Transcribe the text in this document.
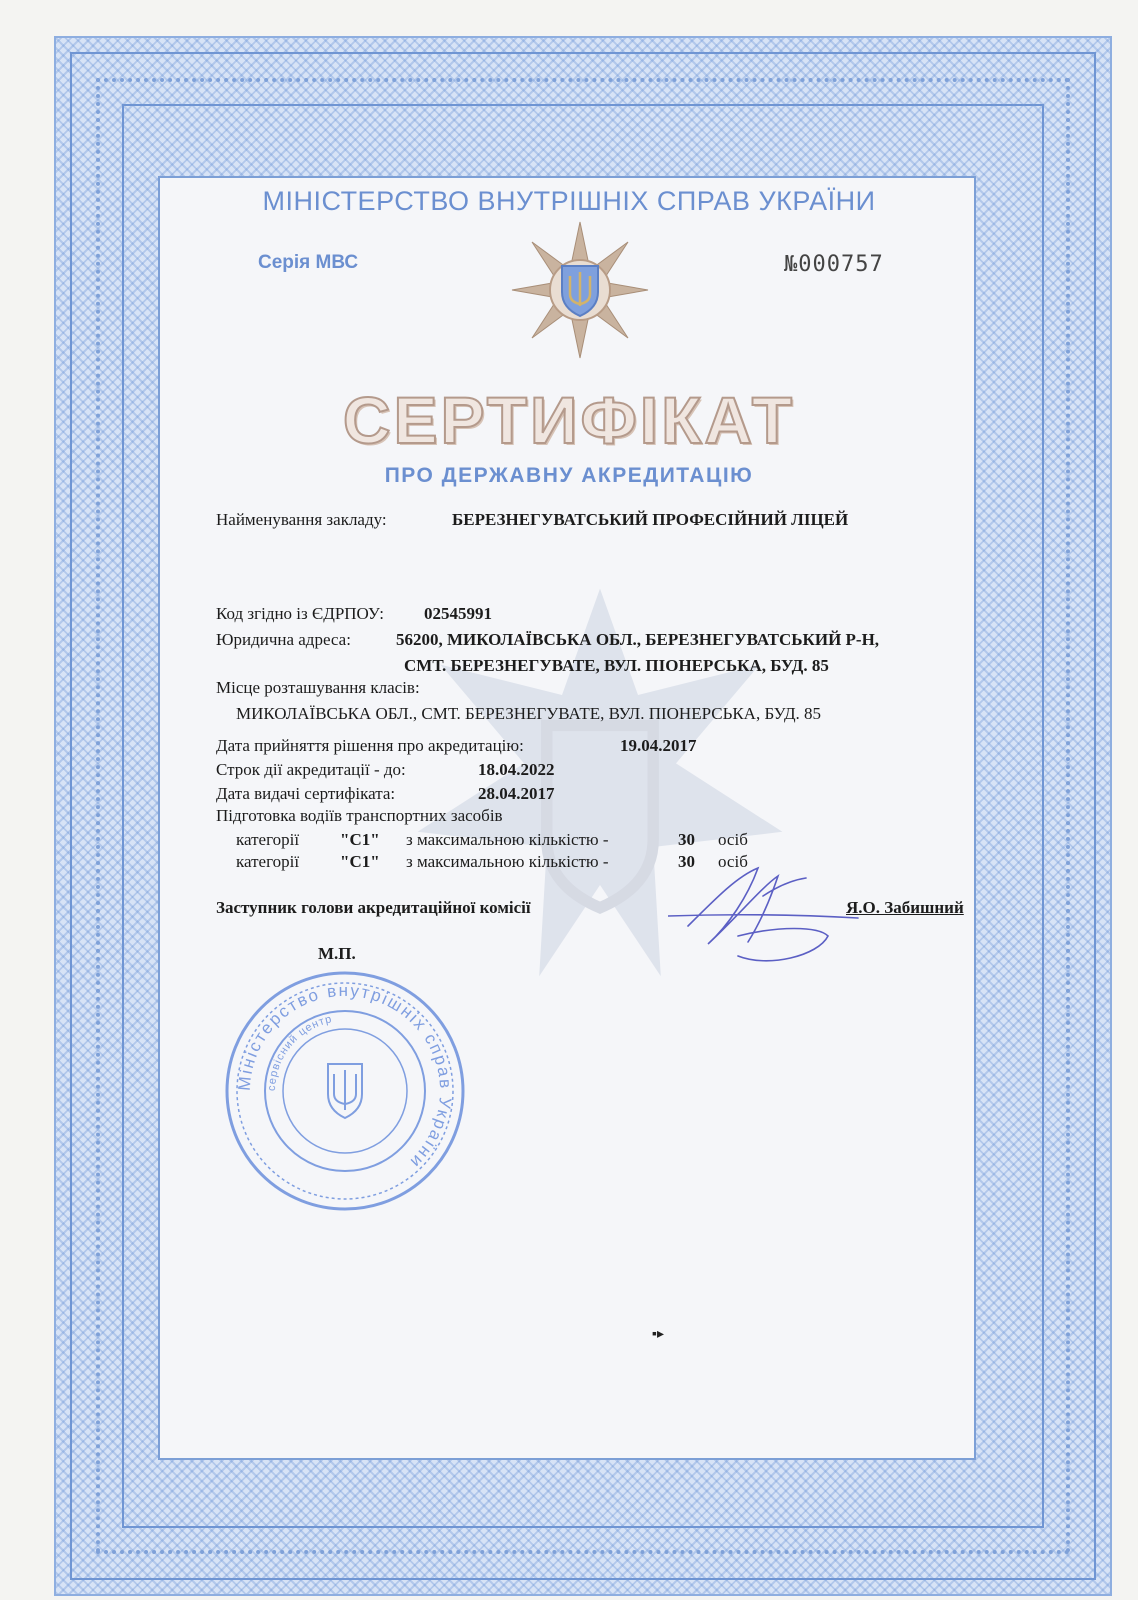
МІНІСТЕРСТВО ВНУТРІШНІХ СПРАВ УКРАЇНИ
Серія МВС	№000757
СЕРТИФІКАТ
ПРО ДЕРЖАВНУ АКРЕДИТАЦІЮ
Найменування закладу:	БЕРЕЗНЕГУВАТСЬКИЙ ПРОФЕСІЙНИЙ ЛІЦЕЙ
Код згідно із ЄДРПОУ: 02545991
Юридична адреса:	56200, МИКОЛАЇВСЬКА ОБЛ., БЕРЕЗНЕГУВАТСЬКИЙ Р-Н,
СМТ. БЕРЕЗНЕГУВАТЕ, ВУЛ. ПІОНЕРСЬКА, БУД. 85
Місце розташування класів:
МИКОЛАЇВСЬКА ОБЛ., СМТ. БЕРЕЗНЕГУВАТЕ, ВУЛ. ПІОНЕРСЬКА, БУД. 85
Дата прийняття рішення про акредитацію:	19.04.2017
Строк дії акредитації - до:	18.04.2022
Дата видачі сертифіката:	28.04.2017
Підготовка водіїв транспортних засобів
категорії "C1" з максимальною кількістю -	30 осіб
категорії "C1" з максимальною кількістю -	30 осіб
Заступник голови акредитаційної комісії	Я.О. Забишний
М.П.
Міністерство внутрішніх справ України
сервісний центр
▪▸
